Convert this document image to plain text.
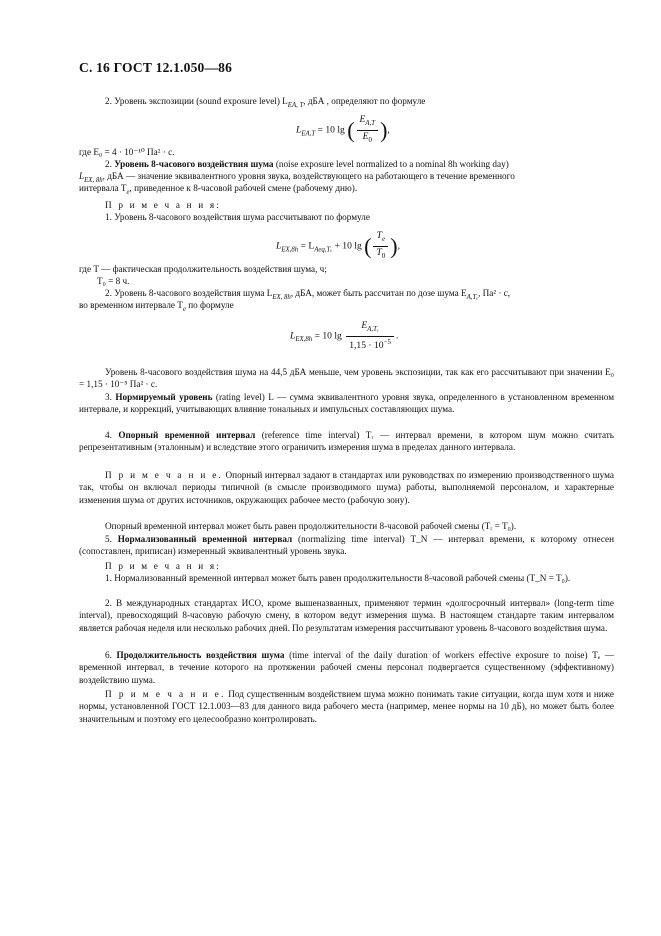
С. 16 ГОСТ 12.1.050—86
2. Уровень экспозиции (sound exposure level) $L_{EA, T}$, дБА , определяют по формуле
$L_{EA,T} = 10$ lg ( $\frac{E_{A,T}}{E_0}$ ),
где E₀ = 4 · 10⁻¹⁰ Па² · с.
2. Уровень 8-часового воздействия шума (noise exposure level normalized to a nominal 8h working day)
$L_{EX, 8h}$, дБА — значение эквивалентного уровня звука, воздействующего на работающего в течение временного
интервала $T_e$, приведенное к 8-часовой рабочей смене (рабочему дню).
П р и м е ч а н и я:
1. Уровень 8-часового воздействия шума рассчитывают по формуле
$L_{EX,8h} = L_{Aeq,T_e} + 10$ lg ( $\frac{T_e}{T_0}$ ),
где T — фактическая продолжительность воздействия шума, ч;
T₀ = 8 ч.
2. Уровень 8-часового воздействия шума $L_{EX, 8h}$, дБА, может быть рассчитан по дозе шума $E_{A,T_e}$, Па² · с,
во временном интервале $T_e$ по формуле
$L_{EX,8h} = 10$ $\lg \frac{E_{A,T_e}}{1,15 \cdot 10^{-5}}$ .
Уровень 8-часового воздействия шума на 44,5 дБА меньше, чем уровень экспозиции, так как его рассчитывают при значении E₀ = 1,15 · 10⁻⁵ Па² · с.
3. Нормируемый уровень (rating level) L — сумма эквивалентного уровня звука, определенного в установленном временном интервале, и коррекций, учитывающих влияние тональных и импульсных составляющих шума.
4. Опорный временной интервал (reference time interval) Tᵣ — интервал времени, в котором шум можно считать репрезентативным (эталонным) и вследствие этого ограничить измерения шума в пределах данного интервала.
П р и м е ч а н и е. Опорный интервал задают в стандартах или руководствах по измерению производственного шума так, чтобы он включал периоды типичной (в смысле производимого шума) работы, выполняемой персоналом, и характерные изменения шума от других источников, окружающих рабочее место (рабочую зону).
Опорный временной интервал может быть равен продолжительности 8-часовой рабочей смены (Tᵣ = T₀).
5. Нормализованный временной интервал (normalizing time interval) T_N — интервал времени, к которому отнесен (сопоставлен, приписан) измеренный эквивалентный уровень звука.
П р и м е ч а н и я:
1. Нормализованный временной интервал может быть равен продолжительности 8-часовой рабочей смены (T_N = T₀).
2. В международных стандартах ИСО, кроме вышеназванных, применяют термин «долгосрочный интервал» (long-term time interval), превосходящий 8-часовую рабочую смену, в котором ведут измерения шума. В настоящем стандарте таким интервалом является рабочая неделя или несколько рабочих дней. По результатам измерения рассчитывают уровень 8-часового воздействия шума.
6. Продолжительность воздействия шума (time interval of the daily duration of workers effective exposure to noise) Tₑ — временной интервал, в течение которого на протяжении рабочей смены персонал подвергается существенному (эффективному) воздействию шума.
П р и м е ч а н и е. Под существенным воздействием шума можно понимать такие ситуации, когда шум хотя и ниже нормы, установленной ГОСТ 12.1.003—83 для данного вида рабочего места (например, менее нормы на 10 дБ), но может быть более значительным и поэтому его целесообразно контролировать.
